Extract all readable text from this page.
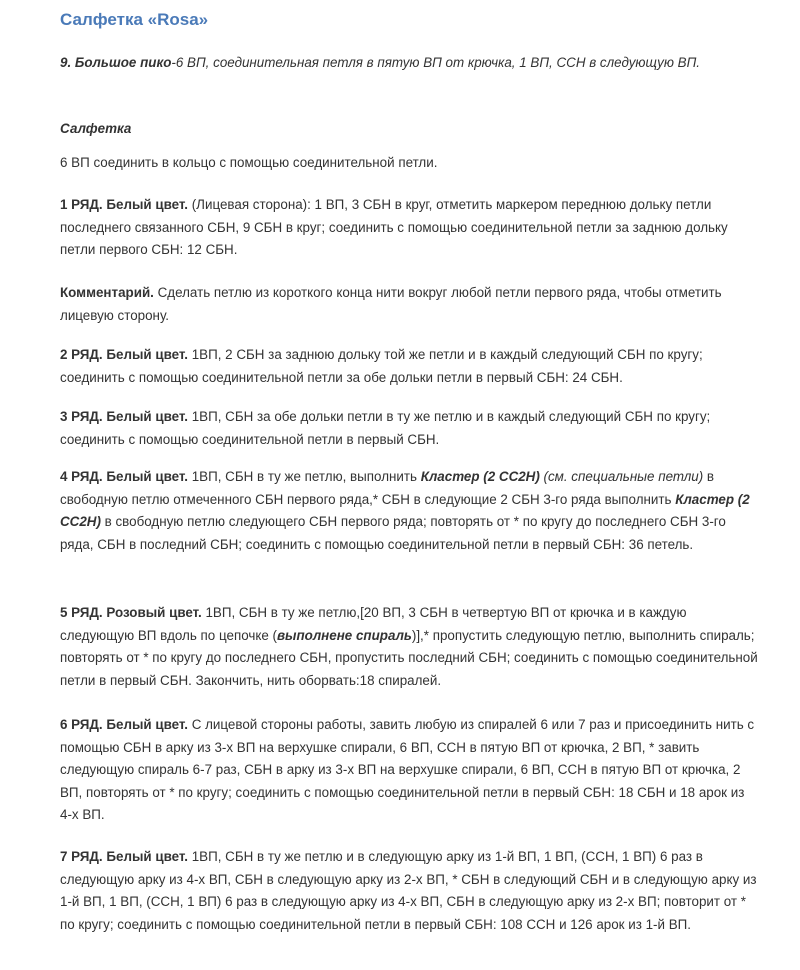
Салфетка «Rosa»
9. Большое пико-6 ВП, соединительная петля в пятую ВП от крючка, 1 ВП, ССН в следующую ВП.
Салфетка
6 ВП соединить в кольцо с помощью соединительной петли.
1 РЯД. Белый цвет. (Лицевая сторона): 1 ВП, 3 СБН в круг, отметить маркером переднюю дольку петли последнего связанного СБН, 9 СБН в круг; соединить с помощью соединительной петли за заднюю дольку петли первого СБН: 12 СБН.
Комментарий. Сделать петлю из короткого конца нити вокруг любой петли первого ряда, чтобы отметить лицевую сторону.
2 РЯД. Белый цвет. 1ВП, 2 СБН за заднюю дольку той же петли и в каждый следующий СБН по кругу; соединить с помощью соединительной петли за обе дольки петли в первый СБН: 24 СБН.
3 РЯД. Белый цвет. 1ВП, СБН за обе дольки петли в ту же петлю и в каждый следующий СБН по кругу; соединить с помощью соединительной петли в первый СБН.
4 РЯД. Белый цвет. 1ВП, СБН в ту же петлю, выполнить Кластер (2 СС2Н) (см. специальные петли) в свободную петлю отмеченного СБН первого ряда,* СБН в следующие 2 СБН 3-го ряда выполнить Кластер (2 СС2Н) в свободную петлю следующего СБН первого ряда; повторять от * по кругу до последнего СБН 3-го ряда, СБН в последний СБН; соединить с помощью соединительной петли в первый СБН: 36 петель.
5 РЯД. Розовый цвет. 1ВП, СБН в ту же петлю,[20 ВП, 3 СБН в четвертую ВП от крючка и в каждую следующую ВП вдоль по цепочке (выполнене спираль)],* пропустить следующую петлю, выполнить спираль; повторять от * по кругу до последнего СБН, пропустить последний СБН; соединить с помощью соединительной петли в первый СБН. Закончить, нить оборвать:18 спиралей.
6 РЯД. Белый цвет. С лицевой стороны работы, завить любую из спиралей 6 или 7 раз и присоединить нить с помощью СБН в арку из 3-х ВП на верхушке спирали, 6 ВП, ССН в пятую ВП от крючка, 2 ВП, * завить следующую спираль 6-7 раз, СБН в арку из 3-х ВП на верхушке спирали, 6 ВП, ССН в пятую ВП от крючка, 2 ВП, повторять от * по кругу; соединить с помощью соединительной петли в первый СБН: 18 СБН и 18 арок из 4-х ВП.
7 РЯД. Белый цвет. 1ВП, СБН в ту же петлю и в следующую арку из 1-й ВП, 1 ВП, (ССН, 1 ВП) 6 раз в следующую арку из 4-х ВП, СБН в следующую арку из 2-х ВП, * СБН в следующий СБН и в следующую арку из 1-й ВП, 1 ВП, (ССН, 1 ВП) 6 раз в следующую арку из 4-х ВП, СБН в следующую арку из 2-х ВП; повторит от * по кругу; соединить с помощью соединительной петли в первый СБН: 108 ССН и 126 арок из 1-й ВП.
